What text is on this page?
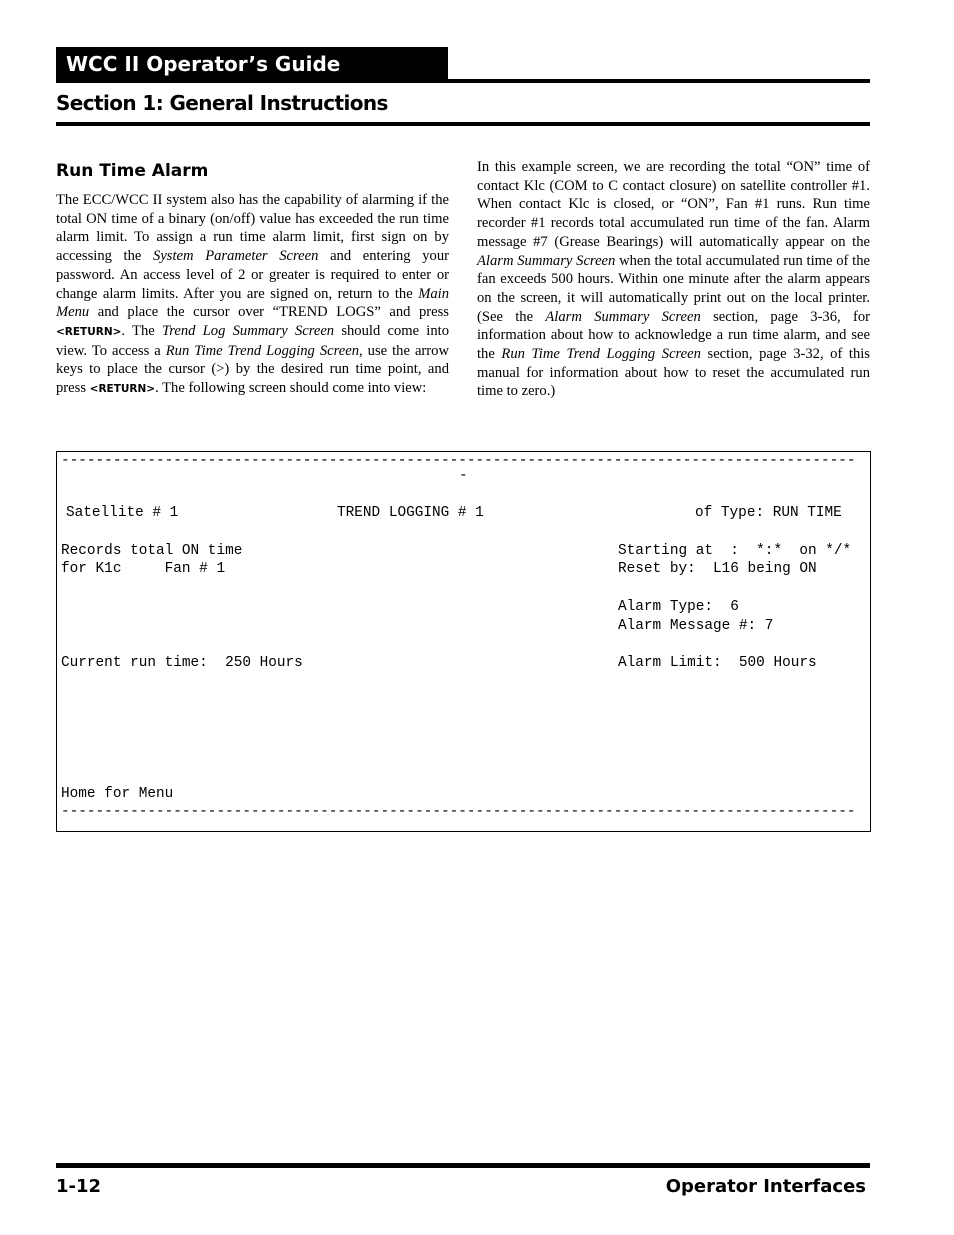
WCC II Operator’s Guide
Section 1: General Instructions
Run Time Alarm

The ECC/WCC II system also has the capability of alarming if the total ON time of a binary (on/off) value has exceeded the run time alarm limit. To assign a run time alarm limit, first sign on by accessing the System Parameter Screen and entering your password. An access level of 2 or greater is required to enter or change alarm limits. After you are signed on, return to the Main Menu and place the cursor over “TREND LOGS” and press <RETURN>. The Trend Log Summary Screen should come into view. To access a Run Time Trend Logging Screen, use the arrow keys to place the cursor (>) by the desired run time point, and press <RETURN>. The following screen should come into view:

In this example screen, we are recording the total “ON” time of contact Klc (COM to C contact closure) on satellite controller #1. When contact Klc is closed, or “ON”, Fan #1 runs. Run time recorder #1 records total accumulated run time of the fan. Alarm message #7 (Grease Bearings) will automatically appear on the Alarm Summary Screen when the total accumulated run time of the fan exceeds 500 hours. Within one minute after the alarm appears on the screen, it will automatically print out on the local printer. (See the Alarm Summary Screen section, page 3-36, for information about how to acknowledge a run time alarm, and see the Run Time Trend Logging Screen section, page 3-32, of this manual for information about how to reset the accumulated run time to zero.)

--------------------------------------------------------------------------------------------
-
Satellite # 1	TREND LOGGING # 1	of Type: RUN TIME
Records total ON time
for K1c     Fan # 1
Starting at  :  *:*  on */*
Reset by:  L16 being ON
Alarm Type:  6
Alarm Message #: 7
Current run time:  250 Hours	Alarm Limit:  500 Hours
Home for Menu
--------------------------------------------------------------------------------------------
1-12	Operator Interfaces
